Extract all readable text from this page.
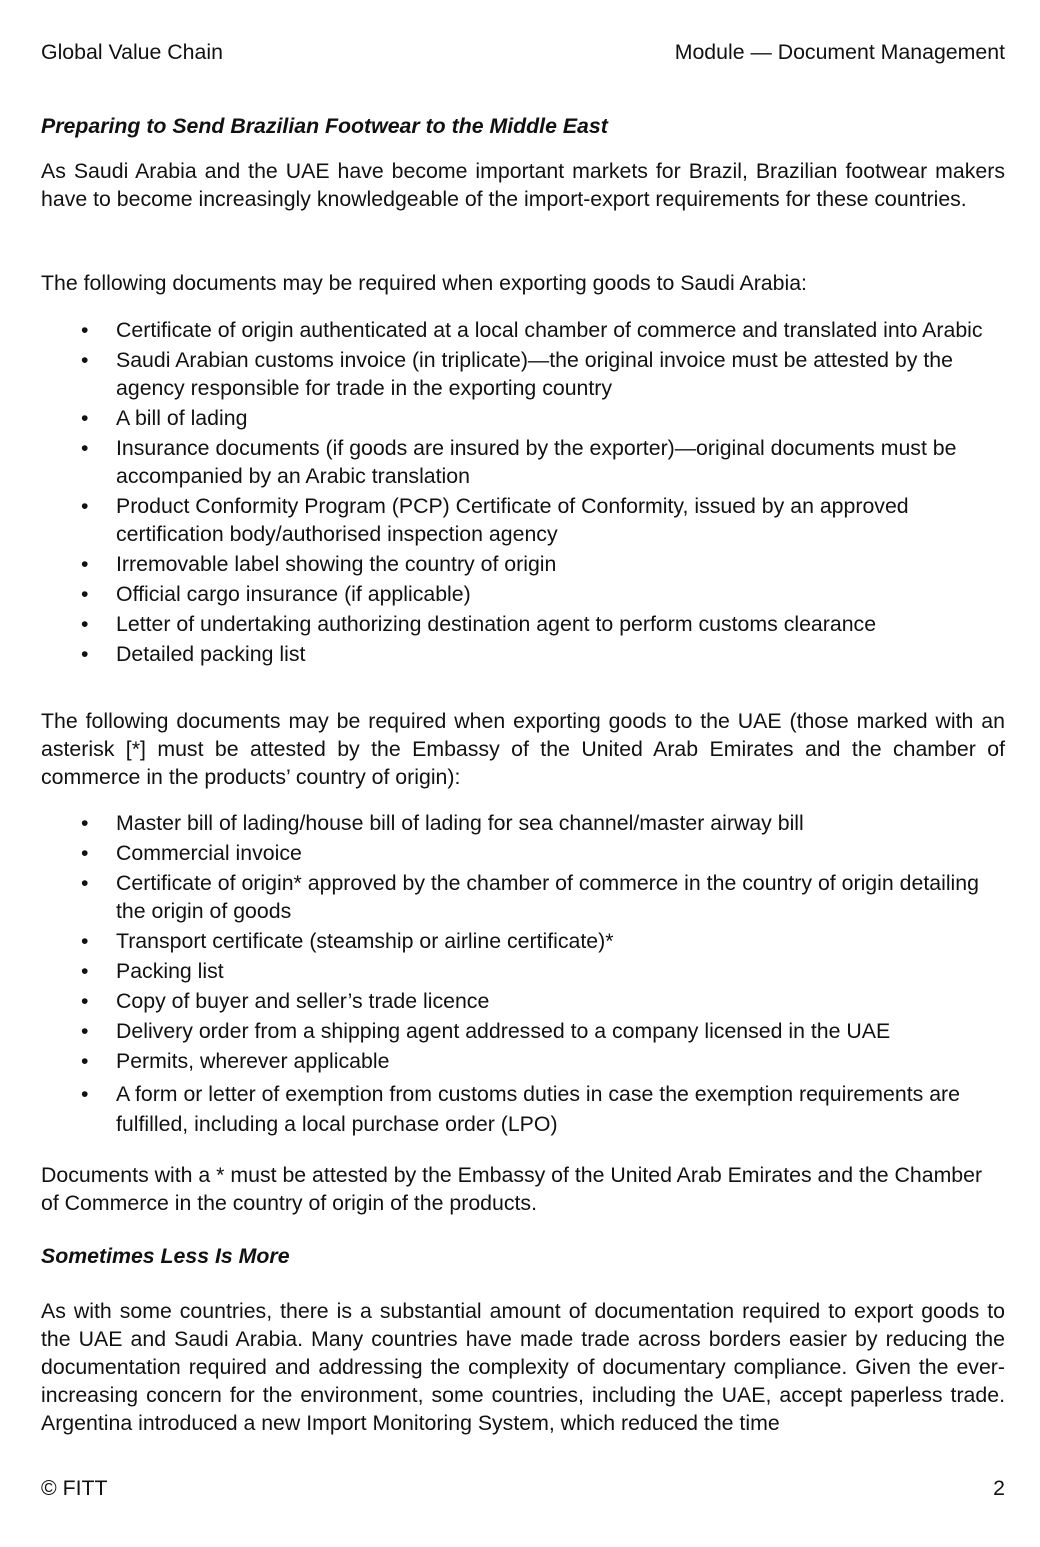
Global Value Chain	Module — Document Management
Preparing to Send Brazilian Footwear to the Middle East

As Saudi Arabia and the UAE have become important markets for Brazil, Brazilian footwear makers have to become increasingly knowledgeable of the import-export requirements for these countries.

The following documents may be required when exporting goods to Saudi Arabia:

• Certificate of origin authenticated at a local chamber of commerce and translated into Arabic
• Saudi Arabian customs invoice (in triplicate)—the original invoice must be attested by the agency responsible for trade in the exporting country
• A bill of lading
• Insurance documents (if goods are insured by the exporter)—original documents must be accompanied by an Arabic translation
• Product Conformity Program (PCP) Certificate of Conformity, issued by an approved certification body/authorised inspection agency
• Irremovable label showing the country of origin
• Official cargo insurance (if applicable)
• Letter of undertaking authorizing destination agent to perform customs clearance
• Detailed packing list

The following documents may be required when exporting goods to the UAE (those marked with an asterisk [*] must be attested by the Embassy of the United Arab Emirates and the chamber of commerce in the products’ country of origin):

• Master bill of lading/house bill of lading for sea channel/master airway bill
• Commercial invoice
• Certificate of origin* approved by the chamber of commerce in the country of origin detailing the origin of goods
• Transport certificate (steamship or airline certificate)*
• Packing list
• Copy of buyer and seller’s trade licence
• Delivery order from a shipping agent addressed to a company licensed in the UAE
• Permits, wherever applicable
• A form or letter of exemption from customs duties in case the exemption requirements are fulfilled, including a local purchase order (LPO)

Documents with a * must be attested by the Embassy of the United Arab Emirates and the Chamber of Commerce in the country of origin of the products.

Sometimes Less Is More

As with some countries, there is a substantial amount of documentation required to export goods to the UAE and Saudi Arabia. Many countries have made trade across borders easier by reducing the documentation required and addressing the complexity of documentary compliance. Given the ever-increasing concern for the environment, some countries, including the UAE, accept paperless trade. Argentina introduced a new Import Monitoring System, which reduced the time

© FITT	2
